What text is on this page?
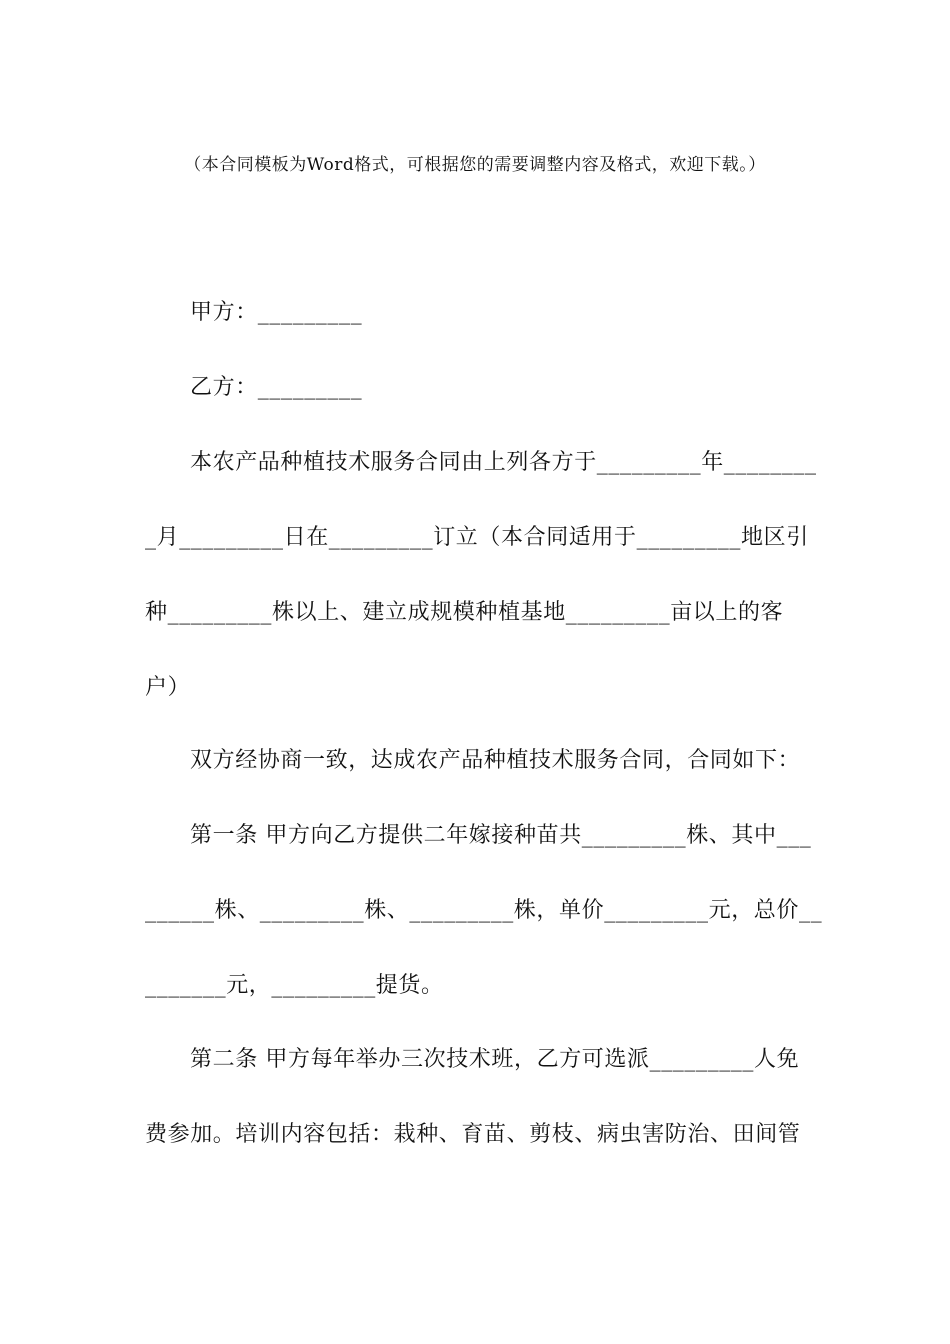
（本合同模板为Word格式，可根据您的需要调整内容及格式，欢迎下载。）
甲方：_________
乙方：_________
本农产品种植技术服务合同由上列各方于_________年________
_月_________日在_________订立（本合同适用于_________地区引
种_________株以上、建立成规模种植基地_________亩以上的客
户）
双方经协商一致，达成农产品种植技术服务合同，合同如下：
第一条 甲方向乙方提供二年嫁接种苗共_________株、其中___
______株、_________株、_________株，单价_________元，总价__
_______元，_________提货。
第二条 甲方每年举办三次技术班，乙方可选派_________人免
费参加。培训内容包括：栽种、育苗、剪枝、病虫害防治、田间管
